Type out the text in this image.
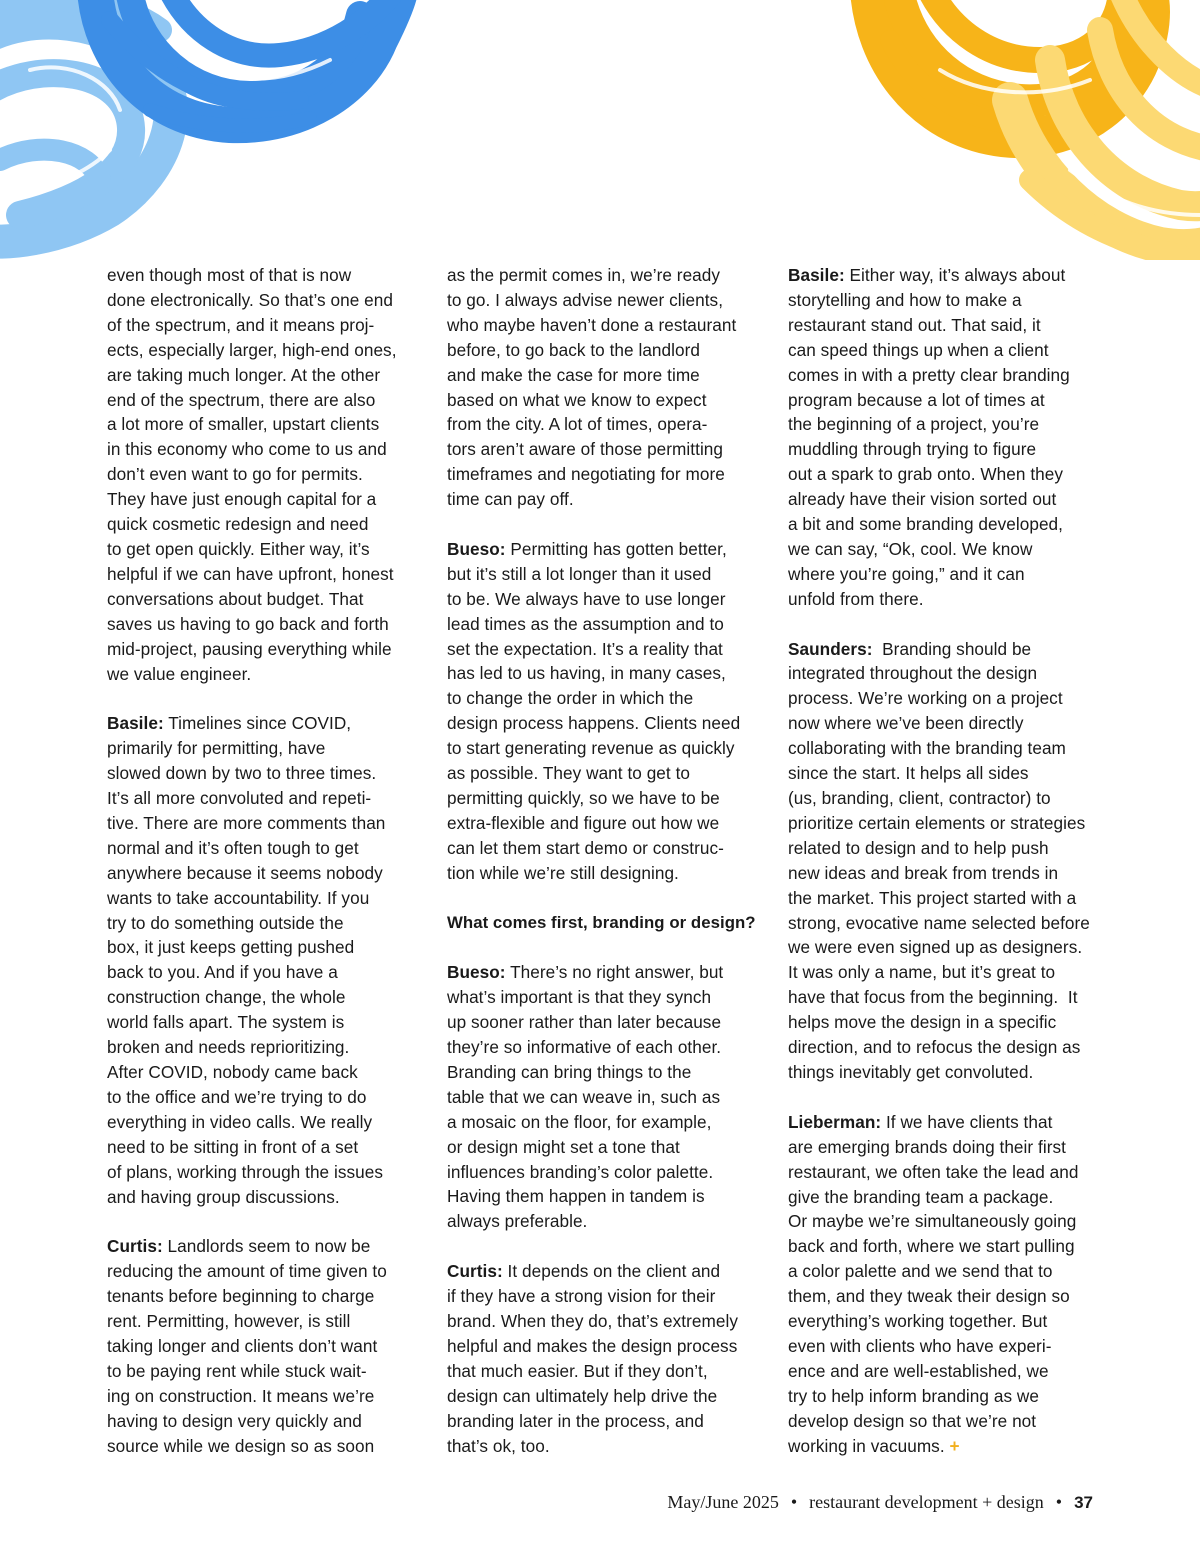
even though most of that is now
done electronically. So that’s one end
of the spectrum, and it means proj-
ects, especially larger, high-end ones,
are taking much longer. At the other
end of the spectrum, there are also
a lot more of smaller, upstart clients
in this economy who come to us and
don’t even want to go for permits.
They have just enough capital for a
quick cosmetic redesign and need
to get open quickly. Either way, it’s
helpful if we can have upfront, honest
conversations about budget. That
saves us having to go back and forth
mid-project, pausing everything while
we value engineer.

Basile: Timelines since COVID,
primarily for permitting, have
slowed down by two to three times.
It’s all more convoluted and repeti-
tive. There are more comments than
normal and it’s often tough to get
anywhere because it seems nobody
wants to take accountability. If you
try to do something outside the
box, it just keeps getting pushed
back to you. And if you have a
construction change, the whole
world falls apart. The system is
broken and needs reprioritizing.
After COVID, nobody came back
to the office and we’re trying to do
everything in video calls. We really
need to be sitting in front of a set
of plans, working through the issues
and having group discussions.

Curtis: Landlords seem to now be
reducing the amount of time given to
tenants before beginning to charge
rent. Permitting, however, is still
taking longer and clients don’t want
to be paying rent while stuck wait-
ing on construction. It means we’re
having to design very quickly and
source while we design so as soon

as the permit comes in, we’re ready
to go. I always advise newer clients,
who maybe haven’t done a restaurant
before, to go back to the landlord
and make the case for more time
based on what we know to expect
from the city. A lot of times, opera-
tors aren’t aware of those permitting
timeframes and negotiating for more
time can pay off.

Bueso: Permitting has gotten better,
but it’s still a lot longer than it used
to be. We always have to use longer
lead times as the assumption and to
set the expectation. It’s a reality that
has led to us having, in many cases,
to change the order in which the
design process happens. Clients need
to start generating revenue as quickly
as possible. They want to get to
permitting quickly, so we have to be
extra-flexible and figure out how we
can let them start demo or construc-
tion while we’re still designing.

What comes first, branding or design?

Bueso: There’s no right answer, but
what’s important is that they synch
up sooner rather than later because
they’re so informative of each other.
Branding can bring things to the
table that we can weave in, such as
a mosaic on the floor, for example,
or design might set a tone that
influences branding’s color palette.
Having them happen in tandem is
always preferable.

Curtis: It depends on the client and
if they have a strong vision for their
brand. When they do, that’s extremely
helpful and makes the design process
that much easier. But if they don’t,
design can ultimately help drive the
branding later in the process, and
that’s ok, too.

Basile: Either way, it’s always about
storytelling and how to make a
restaurant stand out. That said, it
can speed things up when a client
comes in with a pretty clear branding
program because a lot of times at
the beginning of a project, you’re
muddling through trying to figure
out a spark to grab onto. When they
already have their vision sorted out
a bit and some branding developed,
we can say, “Ok, cool. We know
where you’re going,” and it can
unfold from there.

Saunders:  Branding should be
integrated throughout the design
process. We’re working on a project
now where we’ve been directly
collaborating with the branding team
since the start. It helps all sides
(us, branding, client, contractor) to
prioritize certain elements or strategies
related to design and to help push
new ideas and break from trends in
the market. This project started with a
strong, evocative name selected before
we were even signed up as designers.
It was only a name, but it’s great to
have that focus from the beginning.  It
helps move the design in a specific
direction, and to refocus the design as
things inevitably get convoluted.

Lieberman: If we have clients that
are emerging brands doing their first
restaurant, we often take the lead and
give the branding team a package.
Or maybe we’re simultaneously going
back and forth, where we start pulling
a color palette and we send that to
them, and they tweak their design so
everything’s working together. But
even with clients who have experi-
ence and are well-established, we
try to help inform branding as we
develop design so that we’re not
working in vacuums. +

May/June 2025 • restaurant development + design • 37
